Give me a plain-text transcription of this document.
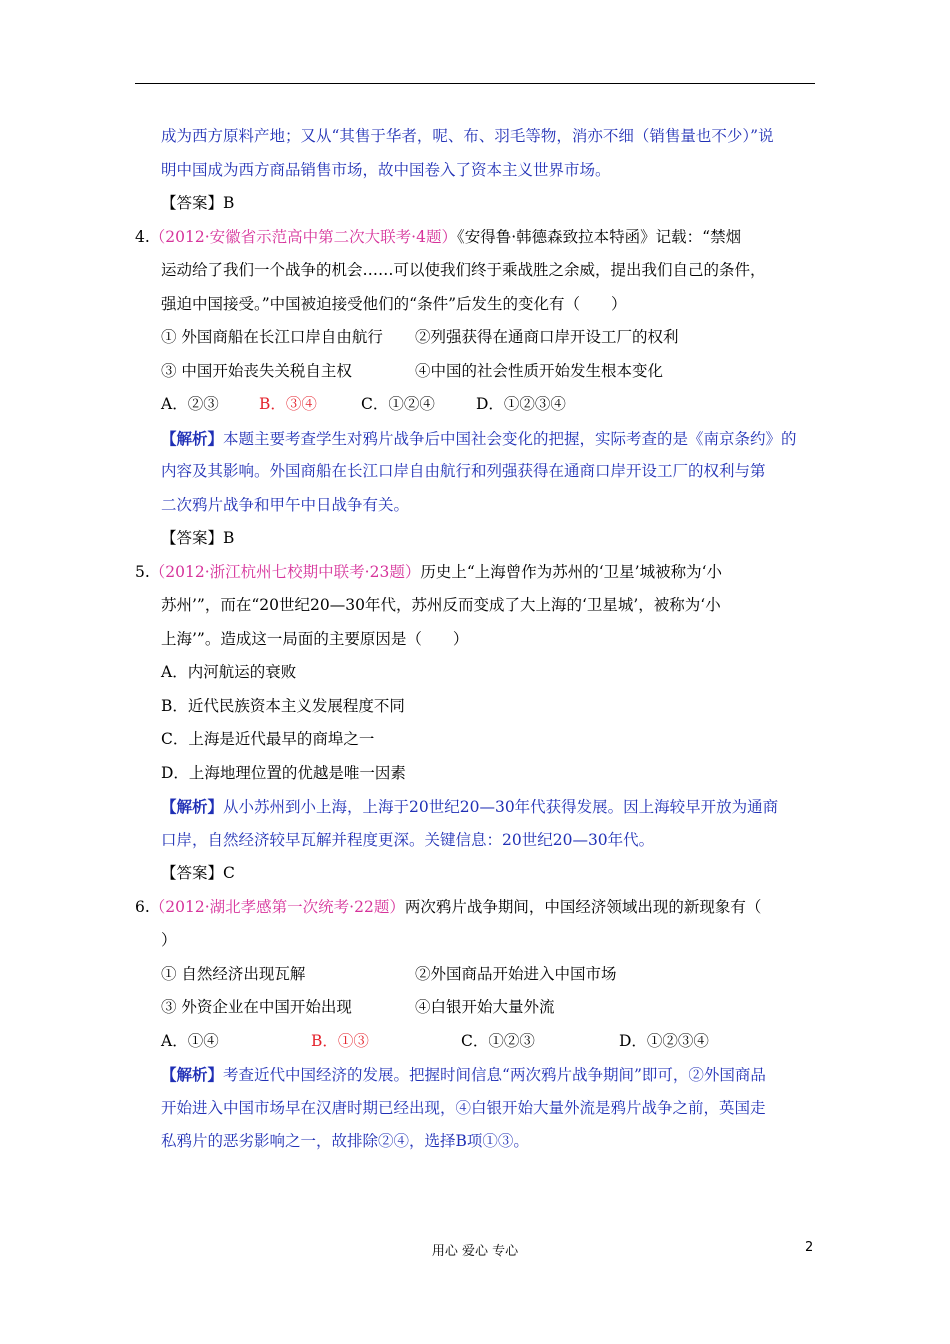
成为西方原料产地；又从“其售于华者，呢、布、羽毛等物，消亦不细（销售量也不少）”说
明中国成为西方商品销售市场，故中国卷入了资本主义世界市场。
【答案】B
4.（2012·安徽省示范高中第二次大联考·4题）《安得鲁·韩德森致拉本特函》记载：“禁烟
运动给了我们一个战争的机会……可以使我们终于乘战胜之余威，提出我们自己的条件，
强迫中国接受。”中国被迫接受他们的“条件”后发生的变化有（　　）
① 外国商船在长江口岸自由航行 ②列强获得在通商口岸开设工厂的权利
③ 中国开始丧失关税自主权	④中国的社会性质开始发生根本变化
A．②③	B．③④	C．①②④	D．①②③④
【解析】本题主要考查学生对鸦片战争后中国社会变化的把握，实际考查的是《南京条约》的
内容及其影响。外国商船在长江口岸自由航行和列强获得在通商口岸开设工厂的权利与第
二次鸦片战争和甲午中日战争有关。
【答案】B
5.（2012·浙江杭州七校期中联考·23题）历史上“上海曾作为苏州的‘卫星’城被称为‘小
苏州’”，而在“20世纪20—30年代，苏州反而变成了大上海的‘卫星城’，被称为‘小
上海’”。造成这一局面的主要原因是（　　）
A．内河航运的衰败
B．近代民族资本主义发展程度不同
C．上海是近代最早的商埠之一
D．上海地理位置的优越是唯一因素
【解析】从小苏州到小上海，上海于20世纪20—30年代获得发展。因上海较早开放为通商
口岸，自然经济较早瓦解并程度更深。关键信息：20世纪20—30年代。
【答案】C
6.（2012·湖北孝感第一次统考·22题）两次鸦片战争期间，中国经济领域出现的新现象有（
）
① 自然经济出现瓦解	②外国商品开始进入中国市场
③ 外资企业在中国开始出现	④白银开始大量外流
A．①④	B．①③	C．①②③	D．①②③④
【解析】考查近代中国经济的发展。把握时间信息“两次鸦片战争期间”即可，②外国商品
开始进入中国市场早在汉唐时期已经出现，④白银开始大量外流是鸦片战争之前，英国走
私鸦片的恶劣影响之一，故排除②④，选择B项①③。
用心 爱心 专心	2
